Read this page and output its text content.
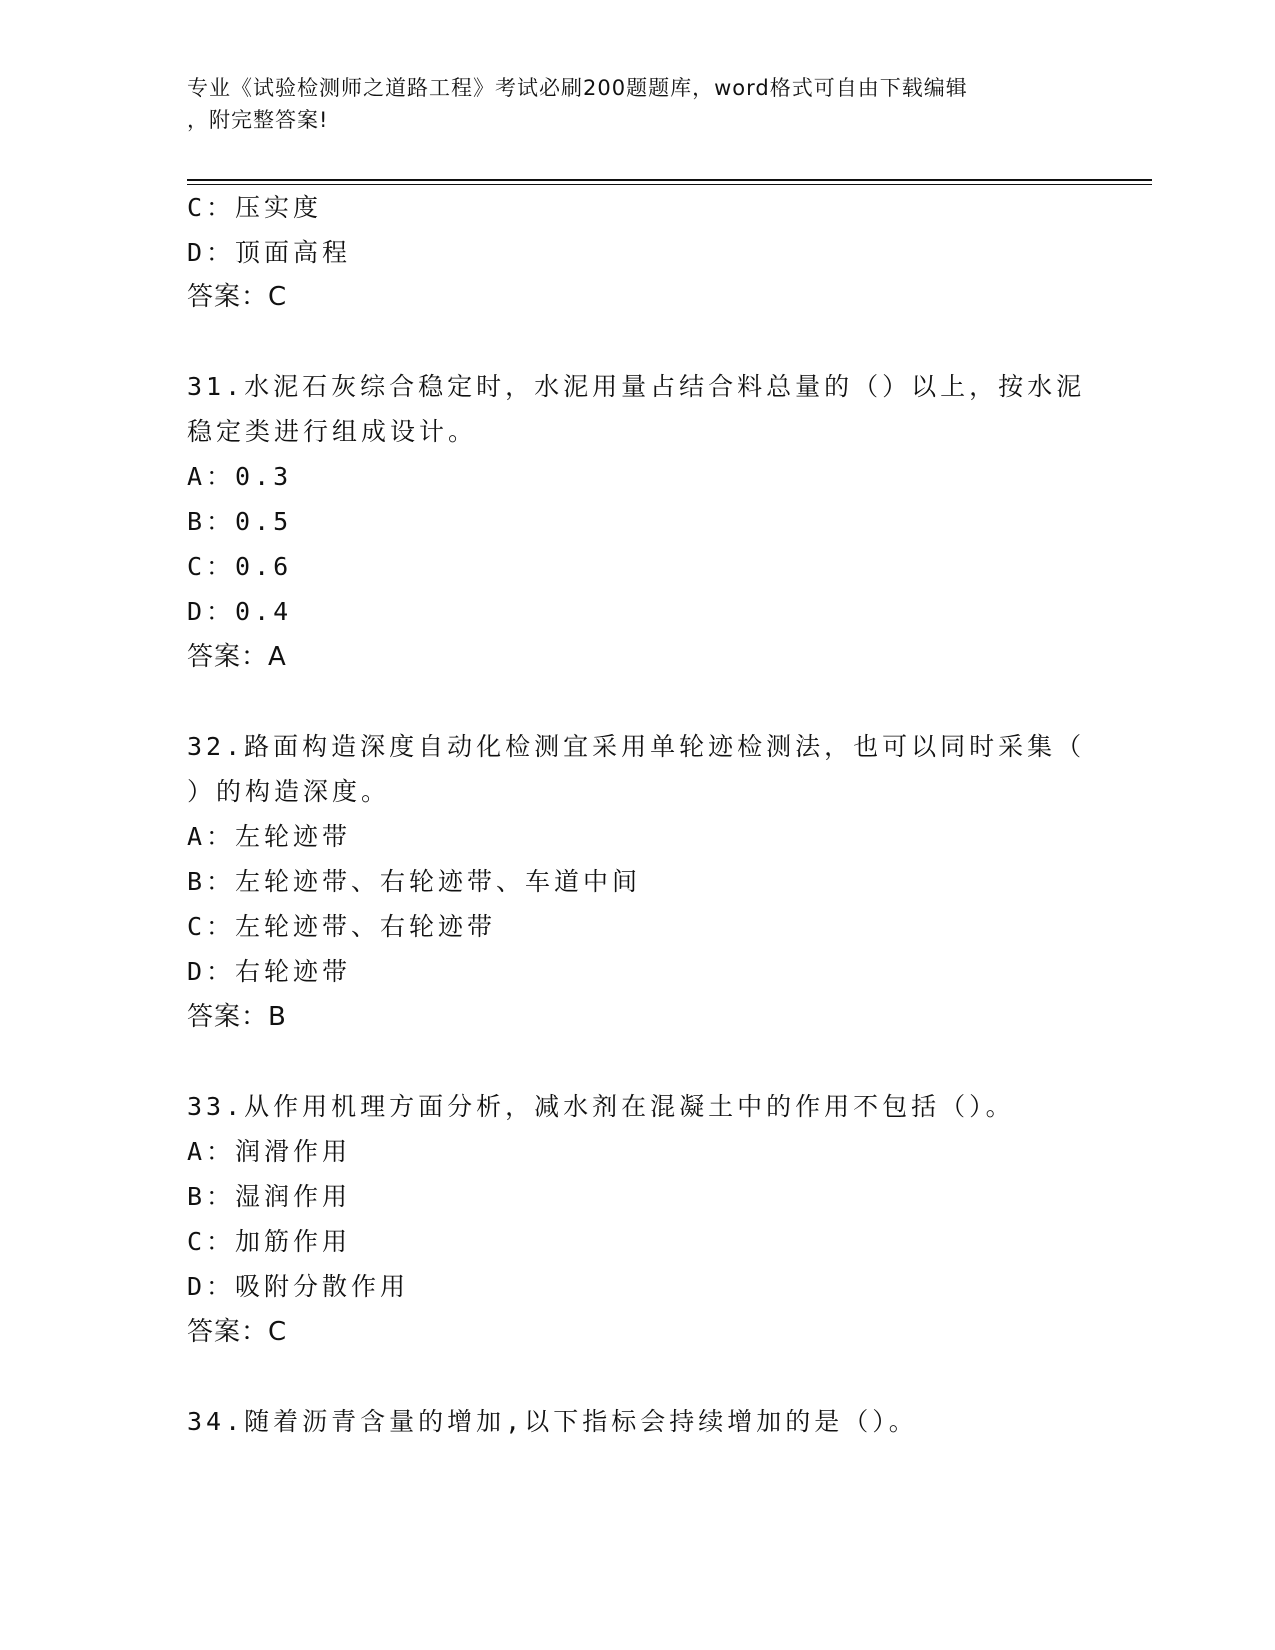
专业《试验检测师之道路工程》考试必刷200题题库，word格式可自由下载编辑
，附完整答案!
C：压实度
D：顶面高程
答案：C
31.水泥石灰综合稳定时，水泥用量占结合料总量的（）以上，按水泥
稳定类进行组成设计。
A：0.3
B：0.5
C：0.6
D：0.4
答案：A
32.路面构造深度自动化检测宜采用单轮迹检测法，也可以同时采集（
）的构造深度。
A：左轮迹带
B：左轮迹带、右轮迹带、车道中间
C：左轮迹带、右轮迹带
D：右轮迹带
答案：B
33.从作用机理方面分析，减水剂在混凝土中的作用不包括（）。
A：润滑作用
B：湿润作用
C：加筋作用
D：吸附分散作用
答案：C
34.随着沥青含量的增加,以下指标会持续增加的是（）。
